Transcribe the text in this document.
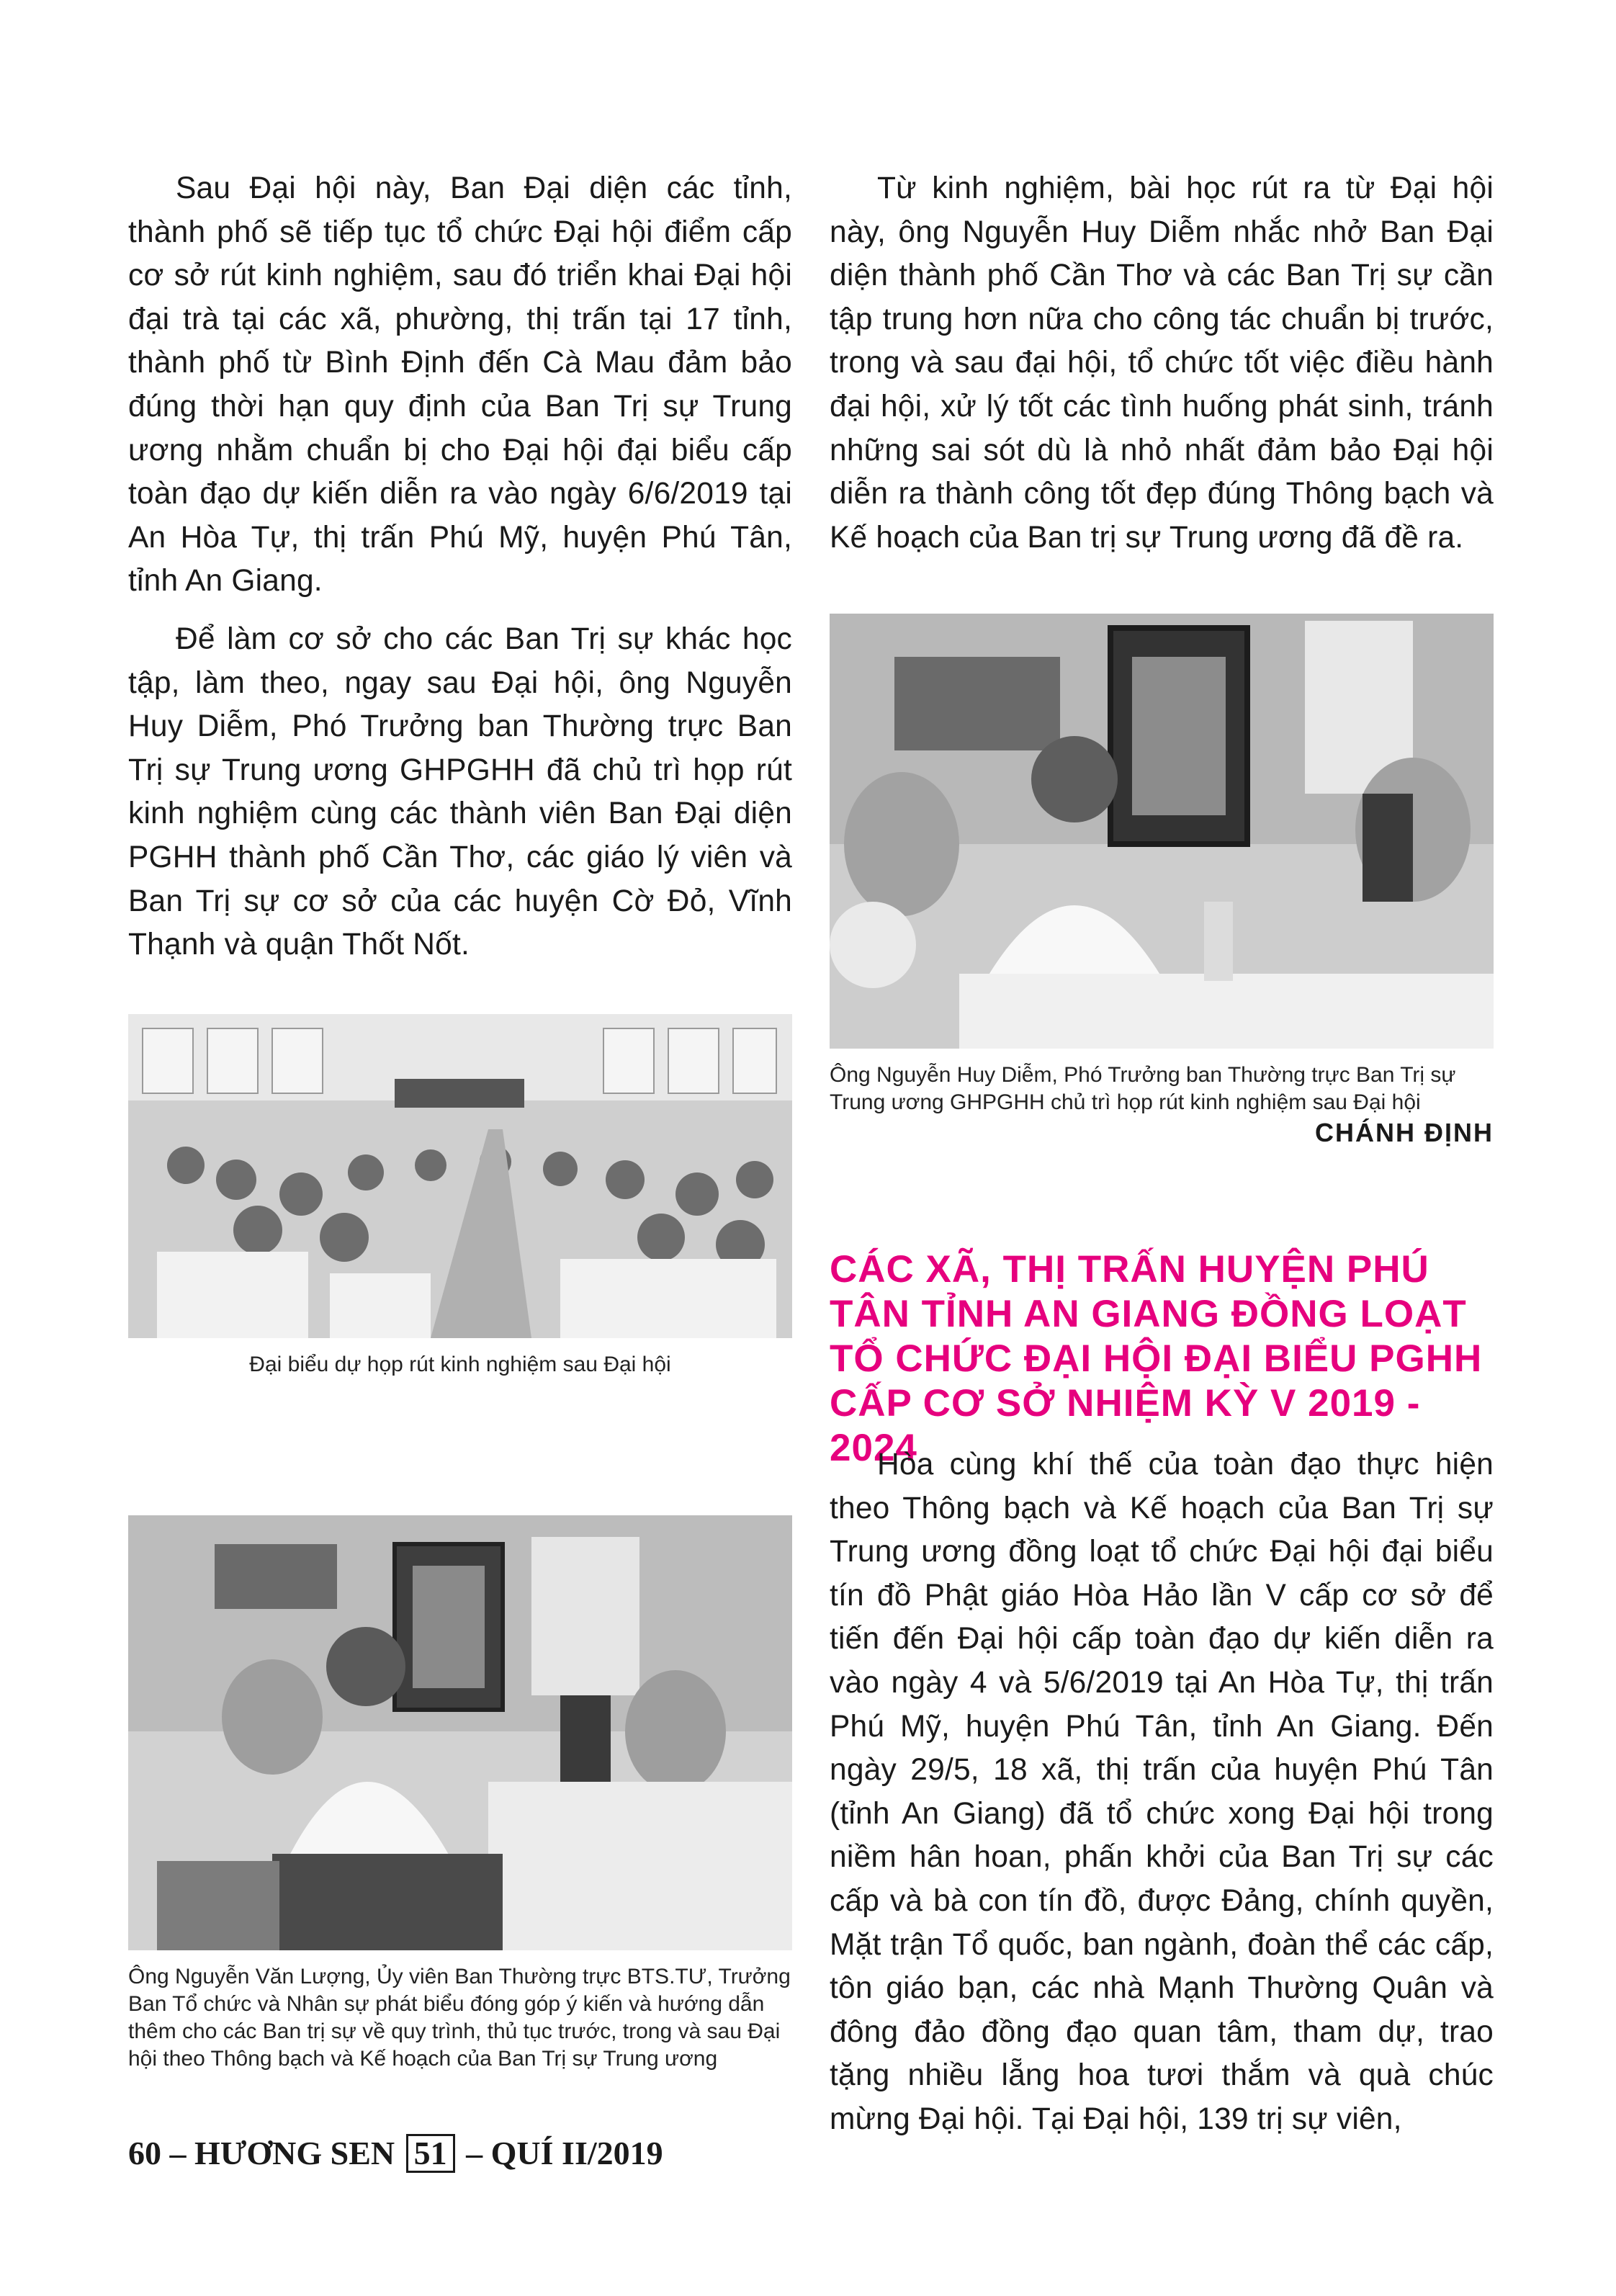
Sau Đại hội này, Ban Đại diện các tỉnh, thành phố sẽ tiếp tục tổ chức Đại hội điểm cấp cơ sở rút kinh nghiệm, sau đó triển khai Đại hội đại trà tại các xã, phường, thị trấn tại 17 tỉnh, thành phố từ Bình Định đến Cà Mau đảm bảo đúng thời hạn quy định của Ban Trị sự Trung ương nhằm chuẩn bị cho Đại hội đại biểu cấp toàn đạo dự kiến diễn ra vào ngày 6/6/2019 tại An Hòa Tự, thị trấn Phú Mỹ, huyện Phú Tân, tỉnh An Giang.

Để làm cơ sở cho các Ban Trị sự khác học tập, làm theo, ngay sau Đại hội, ông Nguyễn Huy Diễm, Phó Trưởng ban Thường trực Ban Trị sự Trung ương GHPGHH đã chủ trì họp rút kinh nghiệm cùng các thành viên Ban Đại diện PGHH thành phố Cần Thơ, các giáo lý viên và Ban Trị sự cơ sở của các huyện Cờ Đỏ, Vĩnh Thạnh và quận Thốt Nốt.

Đại biểu dự họp rút kinh nghiệm sau Đại hội
Ông Nguyễn Văn Lượng, Ủy viên Ban Thường trực BTS.TƯ, Trưởng Ban Tổ chức và Nhân sự phát biểu đóng góp ý kiến và hướng dẫn thêm cho các Ban trị sự về quy trình, thủ tục trước, trong và sau Đại hội theo Thông bạch và Kế hoạch của Ban Trị sự Trung ương

Từ kinh nghiệm, bài học rút ra từ Đại hội này, ông Nguyễn Huy Diễm nhắc nhở Ban Đại diện thành phố Cần Thơ và các Ban Trị sự cần tập trung hơn nữa cho công tác chuẩn bị trước, trong và sau đại hội, tổ chức tốt việc điều hành đại hội, xử lý tốt các tình huống phát sinh, tránh những sai sót dù là nhỏ nhất đảm bảo Đại hội diễn ra thành công tốt đẹp đúng Thông bạch và Kế hoạch của Ban trị sự Trung ương đã đề ra.

Ông Nguyễn Huy Diễm, Phó Trưởng ban Thường trực Ban Trị sự Trung ương GHPGHH chủ trì họp rút kinh nghiệm sau Đại hội
CHÁNH ĐỊNH
CÁC XÃ, THỊ TRẤN HUYỆN PHÚ TÂN TỈNH AN GIANG ĐỒNG LOẠT TỔ CHỨC ĐẠI HỘI ĐẠI BIỂU PGHH CẤP CƠ SỞ NHIỆM KỲ V 2019 - 2024

Hòa cùng khí thế của toàn đạo thực hiện theo Thông bạch và Kế hoạch của Ban Trị sự Trung ương đồng loạt tổ chức Đại hội đại biểu tín đồ Phật giáo Hòa Hảo lần V cấp cơ sở để tiến đến Đại hội cấp toàn đạo dự kiến diễn ra vào ngày 4 và 5/6/2019 tại An Hòa Tự, thị trấn Phú Mỹ, huyện Phú Tân, tỉnh An Giang. Đến ngày 29/5, 18 xã, thị trấn của huyện Phú Tân (tỉnh An Giang) đã tổ chức xong Đại hội trong niềm hân hoan, phấn khởi của Ban Trị sự các cấp và bà con tín đồ, được Đảng, chính quyền, Mặt trận Tổ quốc, ban ngành, đoàn thể các cấp, tôn giáo bạn, các nhà Mạnh Thường Quân và đông đảo đồng đạo quan tâm, tham dự, trao tặng nhiều lẵng hoa tươi thắm và quà chúc mừng Đại hội. Tại Đại hội, 139 trị sự viên,

60 – HƯƠNG SEN 51 – QUÍ II/2019
